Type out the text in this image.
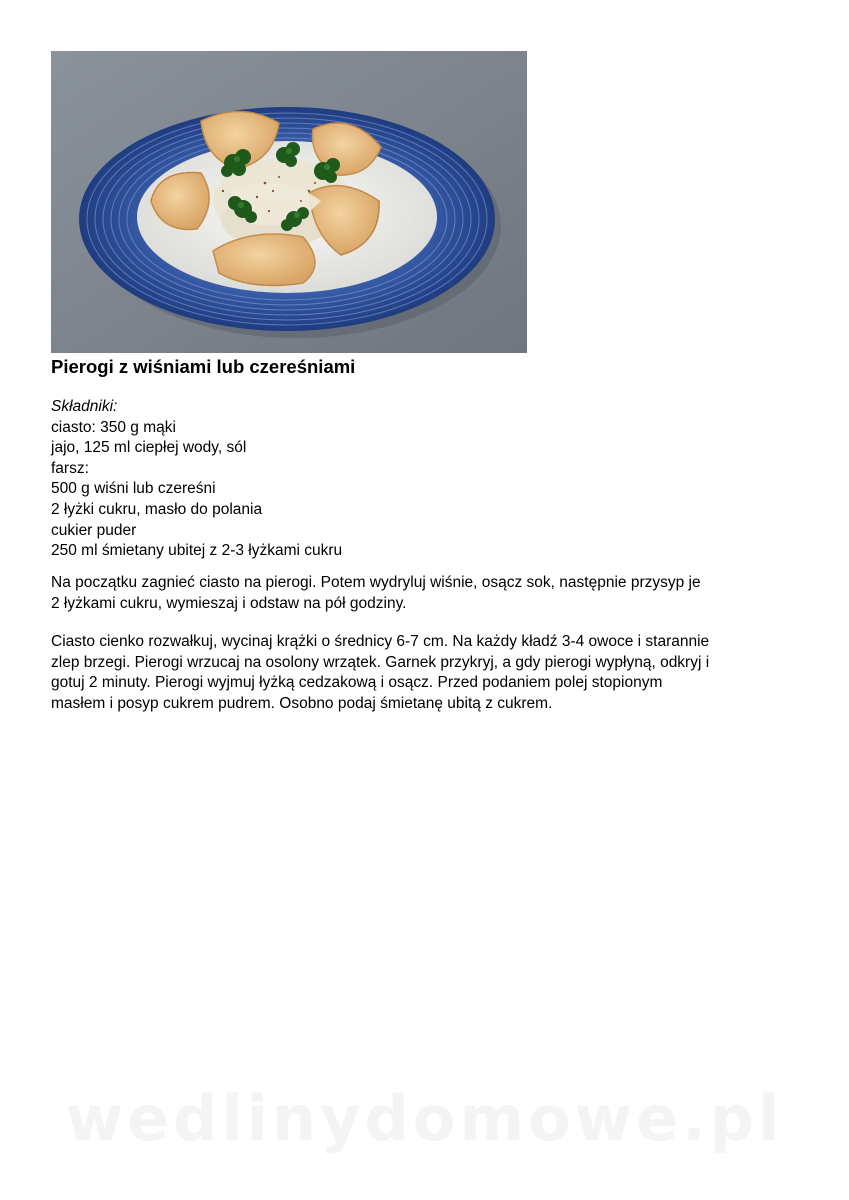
Pierogi z wiśniami lub czereśniami
Składniki:
ciasto: 350 g mąki
jajo, 125 ml ciepłej wody, sól
farsz:
500 g wiśni lub czereśni
2 łyżki cukru, masło do polania
cukier puder
250 ml śmietany ubitej z 2-3 łyżkami cukru

Na początku zagnieć ciasto na pierogi. Potem wydryluj wiśnie, osącz sok, następnie przysyp je
2 łyżkami cukru, wymieszaj i odstaw na pół godziny.

Ciasto cienko rozwałkuj, wycinaj krążki o średnicy 6-7 cm. Na każdy kładź 3-4 owoce i starannie
zlep brzegi. Pierogi wrzucaj na osolony wrzątek. Garnek przykryj, a gdy pierogi wypłyną, odkryj i
gotuj 2 minuty. Pierogi wyjmuj łyżką cedzakową i osącz. Przed podaniem polej stopionym
masłem i posyp cukrem pudrem. Osobno podaj śmietanę ubitą z cukrem.

wedlinydomowe.pl
